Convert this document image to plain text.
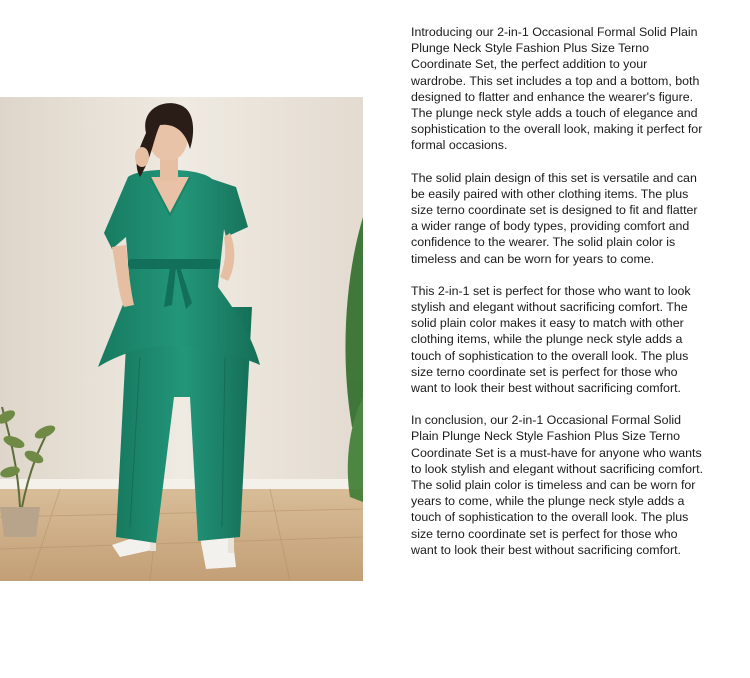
Introducing our 2-in-1 Occasional Formal Solid Plain Plunge Neck Style Fashion Plus Size Terno Coordinate Set, the perfect addition to your wardrobe. This set includes a top and a bottom, both designed to flatter and enhance the wearer's figure. The plunge neck style adds a touch of elegance and sophistication to the overall look, making it perfect for formal occasions.

The solid plain design of this set is versatile and can be easily paired with other clothing items. The plus size terno coordinate set is designed to fit and flatter a wider range of body types, providing comfort and confidence to the wearer. The solid plain color is timeless and can be worn for years to come.

This 2-in-1 set is perfect for those who want to look stylish and elegant without sacrificing comfort. The solid plain color makes it easy to match with other clothing items, while the plunge neck style adds a touch of sophistication to the overall look. The plus size terno coordinate set is perfect for those who want to look their best without sacrificing comfort.

In conclusion, our 2-in-1 Occasional Formal Solid Plain Plunge Neck Style Fashion Plus Size Terno Coordinate Set is a must-have for anyone who wants to look stylish and elegant without sacrificing comfort. The solid plain color is timeless and can be worn for years to come, while the plunge neck style adds a touch of sophistication to the overall look. The plus size terno coordinate set is perfect for those who want to look their best without sacrificing comfort.
